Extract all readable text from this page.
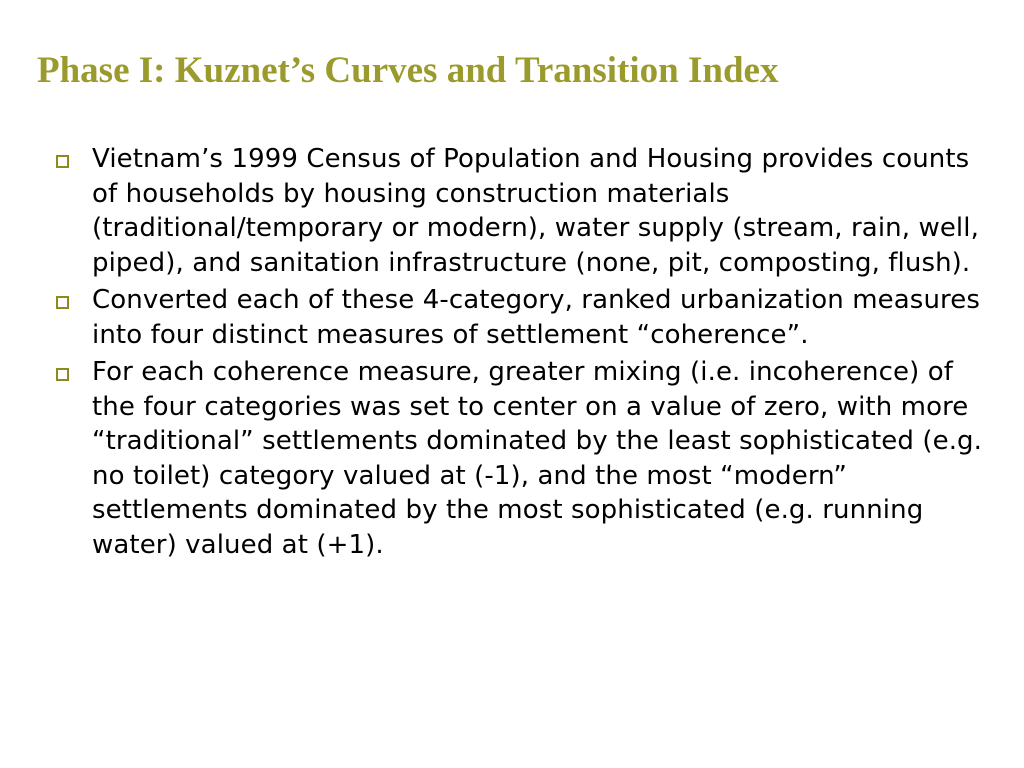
Phase I: Kuznet’s Curves and Transition Index
Vietnam’s 1999 Census of Population and Housing provides counts of households by housing construction materials (traditional/temporary or modern), water supply (stream, rain, well, piped), and sanitation infrastructure (none, pit, composting, flush).
Converted each of these 4-category, ranked urbanization measures into four distinct measures of settlement “coherence”.
For each coherence measure, greater mixing (i.e. incoherence) of the four categories was set to center on a value of zero, with more “traditional” settlements dominated by the least sophisticated (e.g. no toilet) category valued at (-1), and the most “modern” settlements dominated by the most sophisticated (e.g. running water) valued at (+1).
